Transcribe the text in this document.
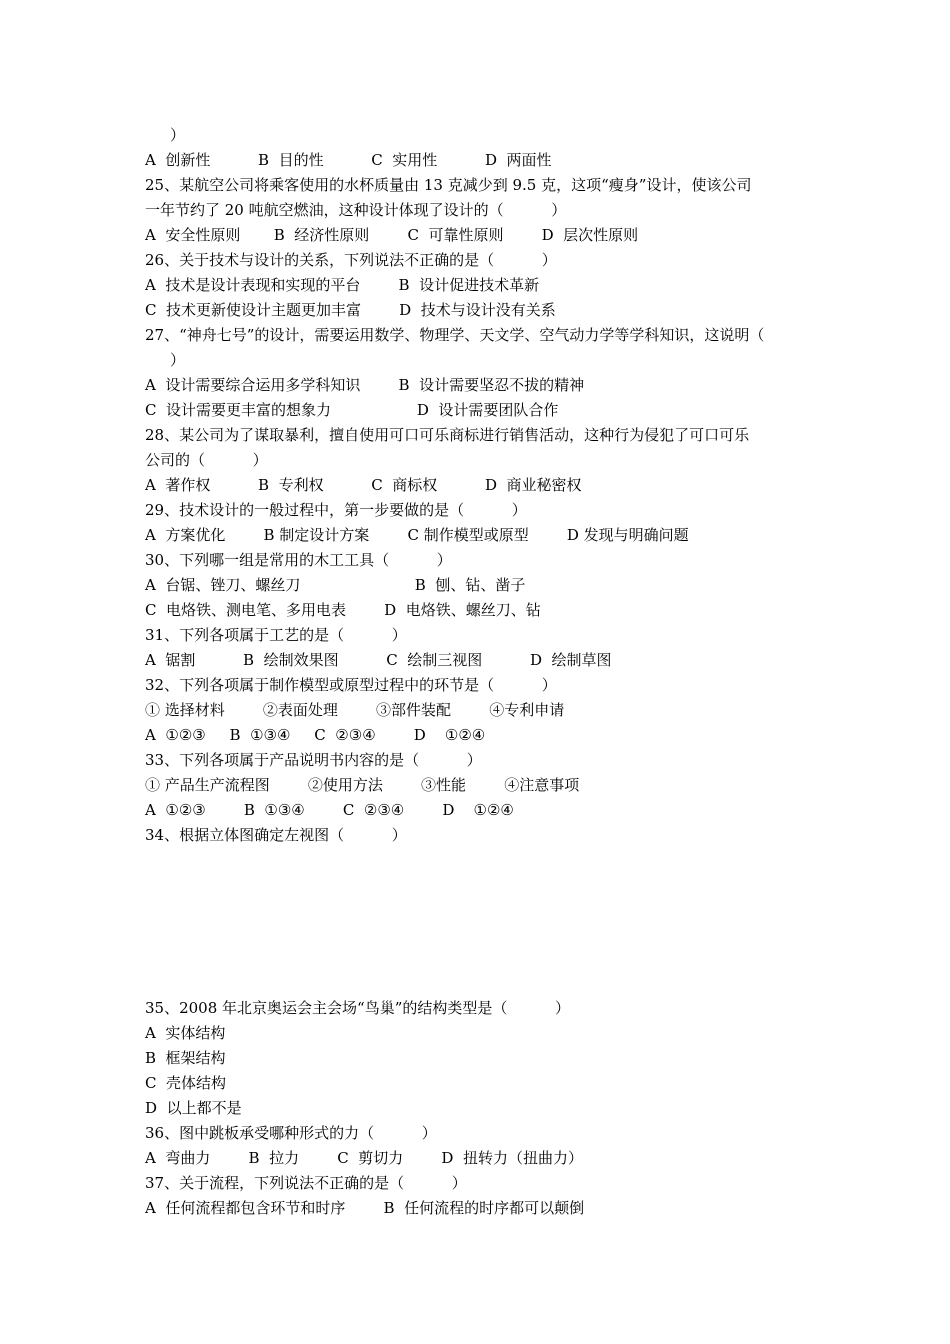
）
A  创新性          B  目的性          C  实用性          D  两面性
25、某航空公司将乘客使用的水杯质量由 13 克减少到 9.5 克，这项“瘦身”设计，使该公司
一年节约了 20 吨航空燃油，这种设计体现了设计的（          ）
A  安全性原则       B  经济性原则        C  可靠性原则        D  层次性原则
26、关于技术与设计的关系，下列说法不正确的是（          ）
A  技术是设计表现和实现的平台        B  设计促进技术革新
C  技术更新使设计主题更加丰富        D  技术与设计没有关系
27、“神舟七号”的设计，需要运用数学、物理学、天文学、空气动力学等学科知识，这说明（
）
A  设计需要综合运用多学科知识        B  设计需要坚忍不拔的精神
C  设计需要更丰富的想象力                  D  设计需要团队合作
28、某公司为了谋取暴利，擅自使用可口可乐商标进行销售活动，这种行为侵犯了可口可乐
公司的（          ）
A  著作权          B  专利权          C  商标权          D  商业秘密权
29、技术设计的一般过程中，第一步要做的是（          ）
A  方案优化        B 制定设计方案        C 制作模型或原型        D 发现与明确问题
30、下列哪一组是常用的木工工具（          ）
A  台锯、锉刀、螺丝刀                        B  刨、钻、凿子
C  电烙铁、测电笔、多用电表        D  电烙铁、螺丝刀、钻
31、下列各项属于工艺的是（          ）
A  锯割          B  绘制效果图          C  绘制三视图          D  绘制草图
32、下列各项属于制作模型或原型过程中的环节是（          ）
① 选择材料        ②表面处理        ③部件装配        ④专利申请
A  ①②③     B  ①③④     C  ②③④        D    ①②④
33、下列各项属于产品说明书内容的是（          ）
① 产品生产流程图        ②使用方法        ③性能        ④注意事项
A  ①②③        B  ①③④        C  ②③④        D    ①②④
34、根据立体图确定左视图（          ）
35、2008 年北京奥运会主会场“鸟巢”的结构类型是（          ）
A  实体结构
B  框架结构
C  壳体结构
D  以上都不是
36、图中跳板承受哪种形式的力（          ）
A  弯曲力        B  拉力        C  剪切力        D  扭转力（扭曲力）
37、关于流程，下列说法不正确的是（          ）
A  任何流程都包含环节和时序        B  任何流程的时序都可以颠倒
